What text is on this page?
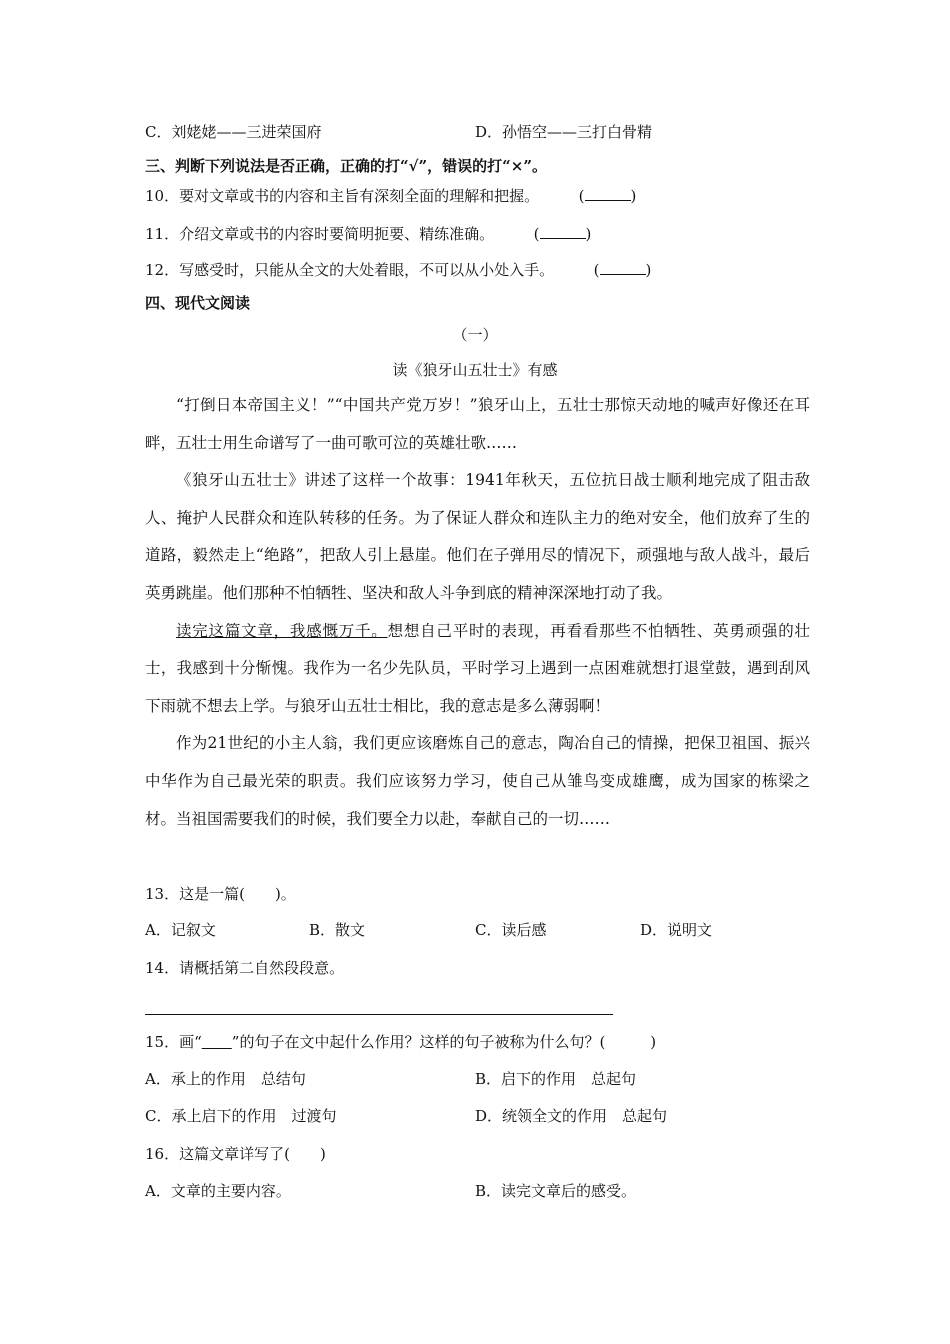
C．刘姥姥——三进荣国府	D．孙悟空——三打白骨精
三、判断下列说法是否正确，正确的打“√”，错误的打“×”。
10．要对文章或书的内容和主旨有深刻全面的理解和把握。	(	)
11．介绍文章或书的内容时要简明扼要、精练准确。	(	)
12．写感受时，只能从全文的大处着眼，不可以从小处入手。	(	)
四、现代文阅读
（一）
读《狼牙山五壮士》有感

“打倒日本帝国主义！”“中国共产党万岁！”狼牙山上，五壮士那惊天动地的喊声好像还在耳畔，五壮士用生命谱写了一曲可歌可泣的英雄壮歌……

《狼牙山五壮士》讲述了这样一个故事：1941年秋天，五位抗日战士顺利地完成了阻击敌人、掩护人民群众和连队转移的任务。为了保证人群众和连队主力的绝对安全，他们放弃了生的道路，毅然走上“绝路”，把敌人引上悬崖。他们在子弹用尽的情况下，顽强地与敌人战斗，最后英勇跳崖。他们那种不怕牺牲、坚决和敌人斗争到底的精神深深地打动了我。

读完这篇文章，我感慨万千。想想自己平时的表现，再看看那些不怕牺牲、英勇顽强的壮士，我感到十分惭愧。我作为一名少先队员，平时学习上遇到一点困难就想打退堂鼓，遇到刮风下雨就不想去上学。与狼牙山五壮士相比，我的意志是多么薄弱啊！

作为21世纪的小主人翁，我们更应该磨炼自己的意志，陶冶自己的情操，把保卫祖国、振兴中华作为自己最光荣的职责。我们应该努力学习，使自己从雏鸟变成雄鹰，成为国家的栋梁之材。当祖国需要我们的时候，我们要全力以赴，奉献自己的一切……

13．这是一篇(　　)。
A．记叙文	B．散文	C．读后感	D．说明文
14．请概括第二自然段段意。
15．画“　　 ”的句子在文中起什么作用？这样的句子被称为什么句？(　　　)
A．承上的作用　总结句	B．启下的作用　总起句
C．承上启下的作用　过渡句	D．统领全文的作用　总起句
16．这篇文章详写了(　　)
A．文章的主要内容。	B．读完文章后的感受。
